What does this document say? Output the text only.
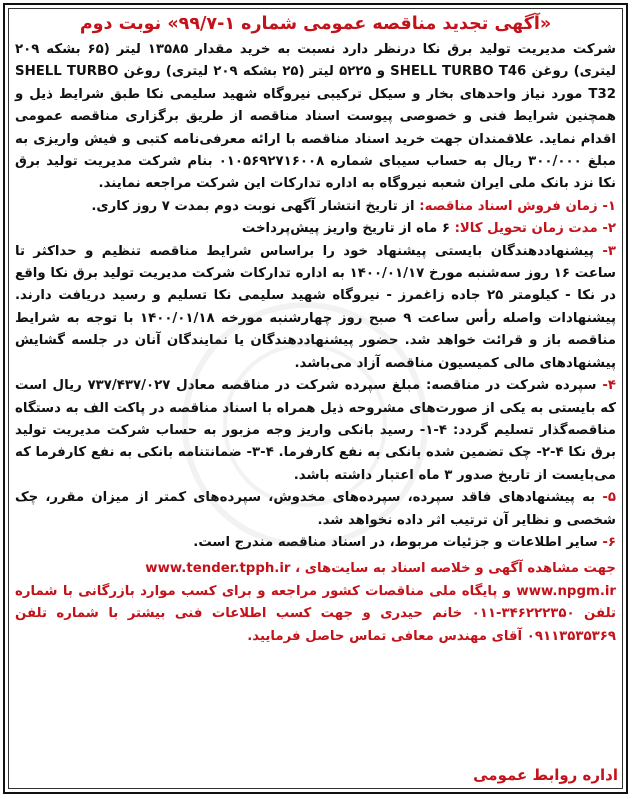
«آگهی تجدید مناقصه عمومی شماره ۱-۹۹/۷» نوبت دوم

شرکت مدیریت تولید برق نکا درنظر دارد نسبت به خرید مقدار ۱۳۵۸۵ لیتر (۶۵ بشکه ۲۰۹ لیتری) روغن SHELL TURBO T46 و ۵۲۲۵ لیتر (۲۵ بشکه ۲۰۹ لیتری) روغن SHELL TURBO T32 مورد نیاز واحدهای بخار و سیکل ترکیبی نیروگاه شهید سلیمی نکا طبق شرایط ذیل و همچنین شرایط فنی و خصوصی پیوست اسناد مناقصه از طریق برگزاری مناقصه عمومی اقدام نماید. علاقمندان جهت خرید اسناد مناقصه با ارائه معرفی‌نامه کتبی و فیش واریزی به مبلغ ۳۰۰/۰۰۰ ریال به حساب سیبای شماره ۰۱۰۵۶۹۲۷۱۶۰۰۸ بنام شرکت مدیریت تولید برق نکا نزد بانک ملی ایران شعبه نیروگاه به اداره تدارکات این شرکت مراجعه نمایند.

۱- زمان فروش اسناد مناقصه: از تاریخ انتشار آگهی نوبت دوم بمدت ۷ روز کاری.

۲- مدت زمان تحویل کالا: ۶ ماه از تاریخ واریز پیش‌پرداخت

۳- پیشنهاددهندگان بایستی پیشنهاد خود را براساس شرایط مناقصه تنظیم و حداکثر تا ساعت ۱۶ روز سه‌شنبه مورخ ۱۴۰۰/۰۱/۱۷ به اداره تدارکات شرکت مدیریت تولید برق نکا واقع در نکا - کیلومتر ۲۵ جاده زاغمرز - نیروگاه شهید سلیمی نکا تسلیم و رسید دریافت دارند. پیشنهادات واصله رأس ساعت ۹ صبح روز چهارشنبه مورخه ۱۴۰۰/۰۱/۱۸ با توجه به شرایط مناقصه باز و قرائت خواهد شد. حضور پیشنهاددهندگان یا نمایندگان آنان در جلسه گشایش پیشنهادهای مالی کمیسیون مناقصه آزاد می‌باشد.

۴- سپرده شرکت در مناقصه: مبلغ سپرده شرکت در مناقصه معادل ۷۳۷/۴۳۷/۰۲۷ ریال است که بایستی به یکی از صورت‌های مشروحه ذیل همراه با اسناد مناقصه در پاکت الف به دستگاه مناقصه‌گذار تسلیم گردد: ۴-۱- رسید بانکی واریز وجه مزبور به حساب شرکت مدیریت تولید برق نکا ۴-۲- چک تضمین شده بانکی به نفع کارفرما. ۴-۳- ضمانتنامه بانکی به نفع کارفرما که می‌بایست از تاریخ صدور ۳ ماه اعتبار داشته باشد.

۵- به پیشنهادهای فاقد سپرده، سپرده‌های مخدوش، سپرده‌های کمتر از میزان مقرر، چک شخصی و نظایر آن ترتیب اثر داده نخواهد شد.

۶- سایر اطلاعات و جزئیات مربوط، در اسناد مناقصه مندرج است.

جهت مشاهده آگهی و خلاصه اسناد به سایت‌های ، www.tender.tpph.ir
www.npgm.ir و پایگاه ملی مناقصات کشور مراجعه و برای کسب موارد بازرگانی با شماره تلفن ۳۴۶۲۲۲۳۵۰-۰۱۱ خانم حیدری و جهت کسب اطلاعات فنی بیشتر با شماره تلفن ۰۹۱۱۳۵۳۵۳۶۹ آقای مهندس معافی تماس حاصل فرمایید.

اداره روابط عمومی
